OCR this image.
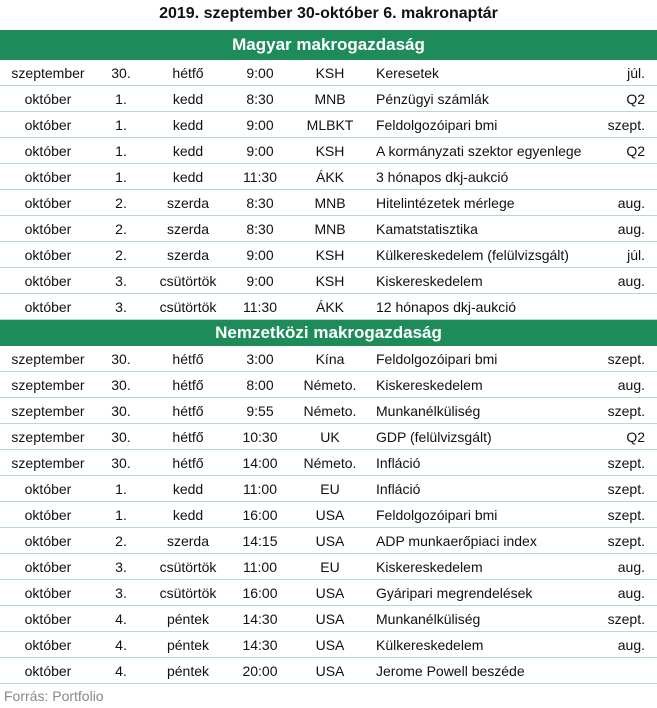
2019. szeptember 30-október 6. makronaptár
Magyar makrogazdaság
szeptember	30.	hétfő	9:00	KSH	Keresetek	júl.
október	1.	kedd	8:30	MNB	Pénzügyi számlák	Q2
október	1.	kedd	9:00	MLBKT	Feldolgozóipari bmi	szept.
október	1.	kedd	9:00	KSH	A kormányzati szektor egyenlege	Q2
október	1.	kedd	11:30	ÁKK	3 hónapos dkj-aukció	
október	2.	szerda	8:30	MNB	Hitelintézetek mérlege	aug.
október	2.	szerda	8:30	MNB	Kamatstatisztika	aug.
október	2.	szerda	9:00	KSH	Külkereskedelem (felülvizsgált)	júl.
október	3.	csütörtök	9:00	KSH	Kiskereskedelem	aug.
október	3.	csütörtök	11:30	ÁKK	12 hónapos dkj-aukció	
Nemzetközi makrogazdaság
szeptember	30.	hétfő	3:00	Kína	Feldolgozóipari bmi	szept.
szeptember	30.	hétfő	8:00	Németo.	Kiskereskedelem	aug.
szeptember	30.	hétfő	9:55	Németo.	Munkanélküliség	szept.
szeptember	30.	hétfő	10:30	UK	GDP (felülvizsgált)	Q2
szeptember	30.	hétfő	14:00	Németo.	Infláció	szept.
október	1.	kedd	11:00	EU	Infláció	szept.
október	1.	kedd	16:00	USA	Feldolgozóipari bmi	szept.
október	2.	szerda	14:15	USA	ADP munkaerőpiaci index	szept.
október	3.	csütörtök	11:00	EU	Kiskereskedelem	aug.
október	3.	csütörtök	16:00	USA	Gyáripari megrendelések	aug.
október	4.	péntek	14:30	USA	Munkanélküliség	szept.
október	4.	péntek	14:30	USA	Külkereskedelem	aug.
október	4.	péntek	20:00	USA	Jerome Powell beszéde	
Forrás: Portfolio
